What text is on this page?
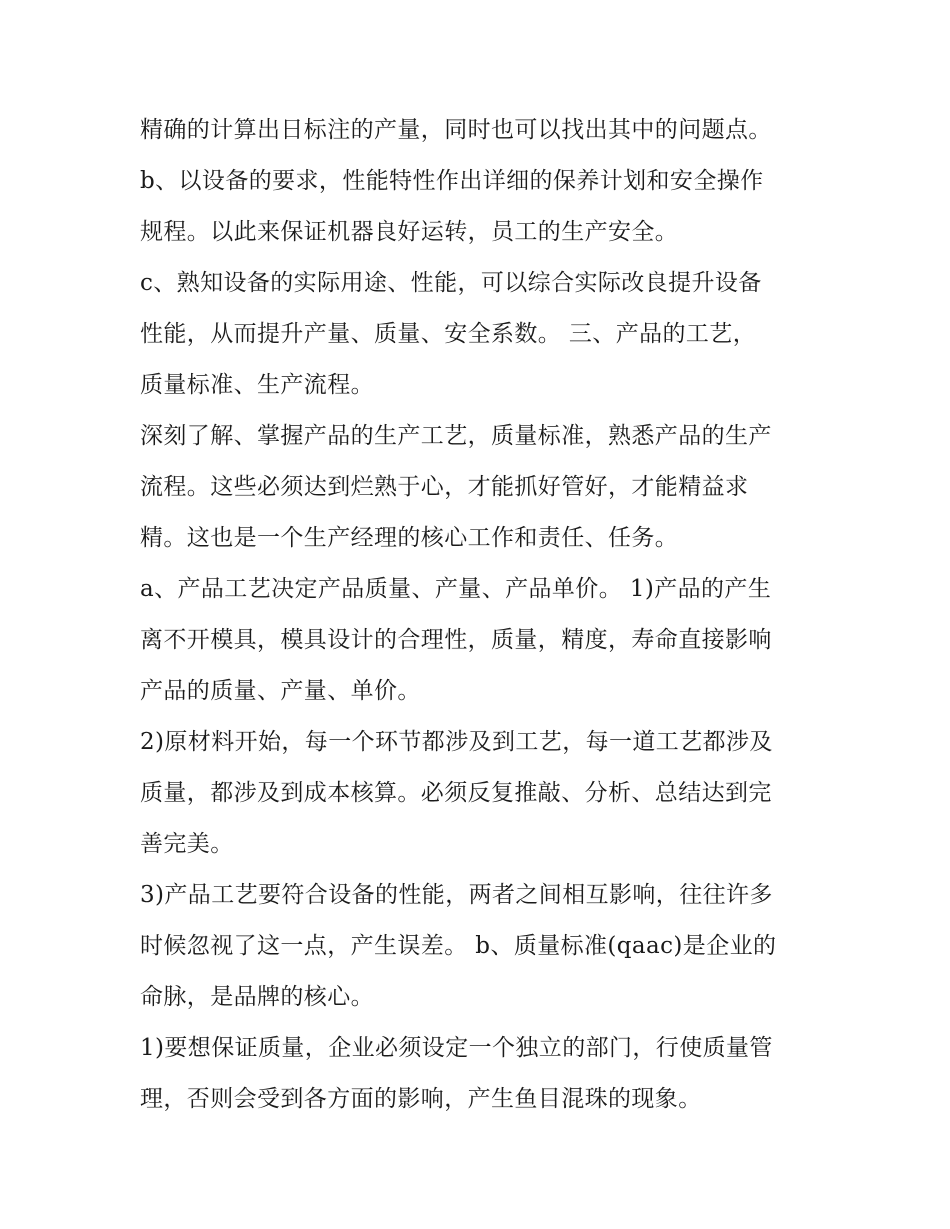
精确的计算出日标注的产量，同时也可以找出其中的问题点。

b、以设备的要求，性能特性作出详细的保养计划和安全操作
规程。以此来保证机器良好运转，员工的生产安全。

c、熟知设备的实际用途、性能，可以综合实际改良提升设备
性能，从而提升产量、质量、安全系数。 三、产品的工艺，
质量标准、生产流程。

深刻了解、掌握产品的生产工艺，质量标准，熟悉产品的生产
流程。这些必须达到烂熟于心，才能抓好管好，才能精益求
精。这也是一个生产经理的核心工作和责任、任务。

a、产品工艺决定产品质量、产量、产品单价。 1)产品的产生
离不开模具，模具设计的合理性，质量，精度，寿命直接影响
产品的质量、产量、单价。

2)原材料开始，每一个环节都涉及到工艺，每一道工艺都涉及
质量，都涉及到成本核算。必须反复推敲、分析、总结达到完
善完美。

3)产品工艺要符合设备的性能，两者之间相互影响，往往许多
时候忽视了这一点，产生误差。 b、质量标准(qaac)是企业的
命脉，是品牌的核心。

1)要想保证质量，企业必须设定一个独立的部门，行使质量管
理，否则会受到各方面的影响，产生鱼目混珠的现象。
